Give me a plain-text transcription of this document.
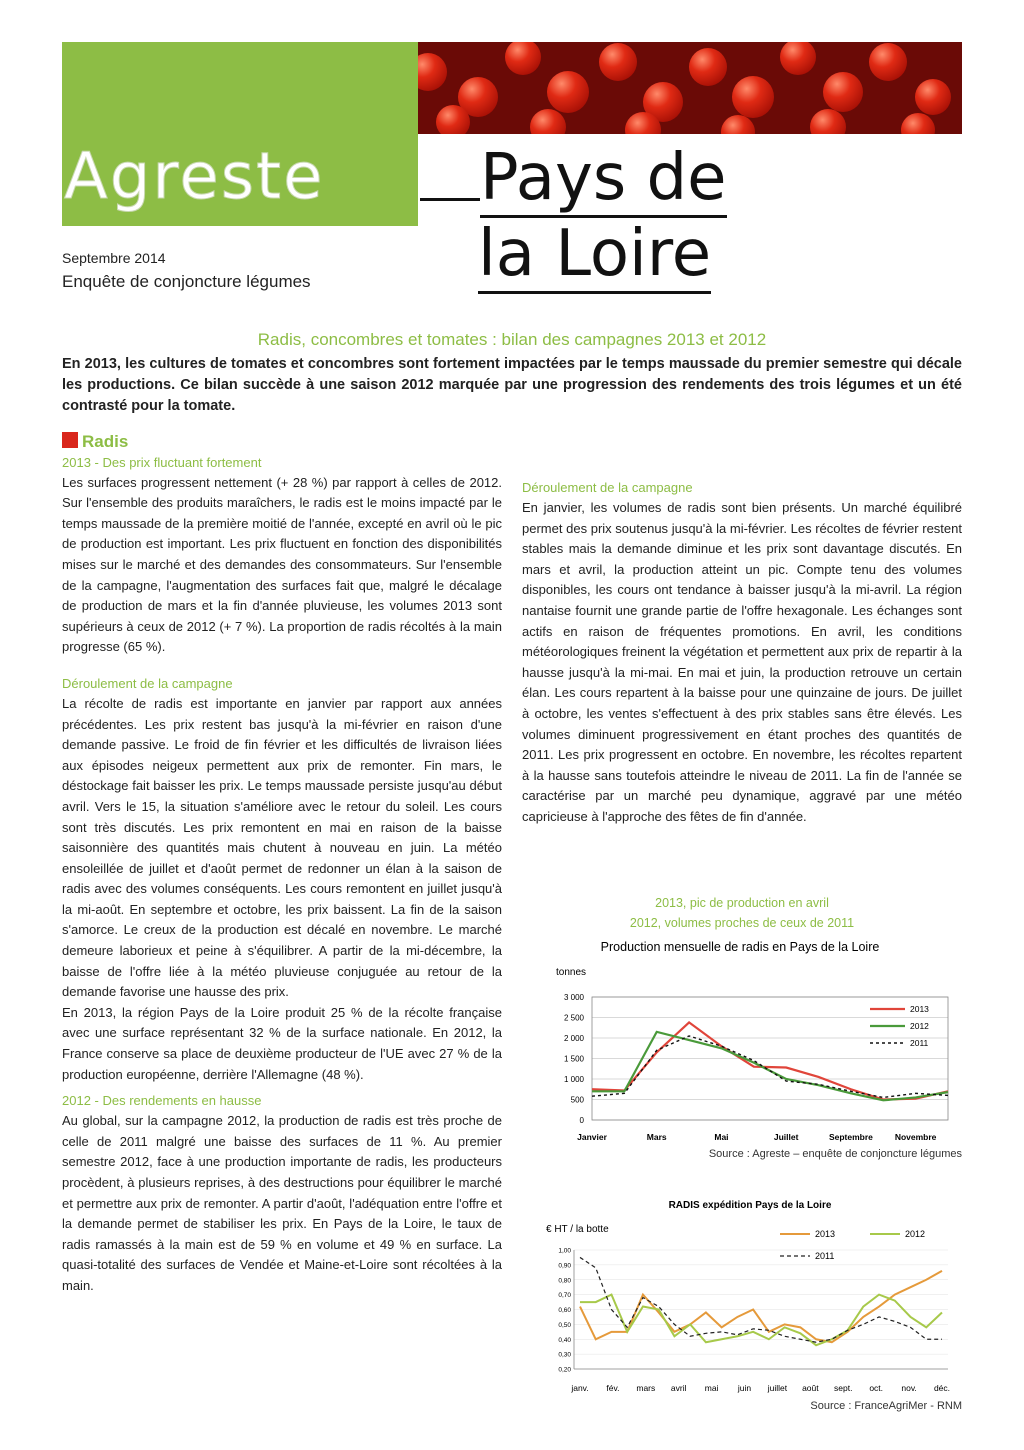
Agreste	Pays de
la Loire
Septembre 2014
Enquête de conjoncture légumes
Radis, concombres et tomates : bilan des campagnes 2013 et 2012
En 2013, les cultures de tomates et concombres sont fortement impactées par le temps maussade du premier semestre qui décale les productions. Ce bilan succède à une saison 2012 marquée par une progression des rendements des trois légumes et un été contrasté pour la tomate.
Radis
2013 - Des prix fluctuant fortement

Les surfaces progressent nettement (+ 28 %) par rapport à celles de 2012. Sur l'ensemble des produits maraîchers, le radis est le moins impacté par le temps maussade de la première moitié de l'année, excepté en avril où le pic de production est important. Les prix fluctuent en fonction des disponibilités mises sur le marché et des demandes des consommateurs. Sur l'ensemble de la campagne, l'augmentation des surfaces fait que, malgré le décalage de production de mars et la fin d'année pluvieuse, les volumes 2013 sont supérieurs à ceux de 2012 (+ 7 %). La proportion de radis récoltés à la main progresse (65 %).

Déroulement de la campagne

La récolte de radis est importante en janvier par rapport aux années précédentes. Les prix restent bas jusqu'à la mi-février en raison d'une demande passive. Le froid de fin février et les difficultés de livraison liées aux épisodes neigeux permettent aux prix de remonter. Fin mars, le déstockage fait baisser les prix. Le temps maussade persiste jusqu'au début avril. Vers le 15, la situation s'améliore avec le retour du soleil. Les cours sont très discutés. Les prix remontent en mai en raison de la baisse saisonnière des quantités mais chutent à nouveau en juin. La météo ensoleillée de juillet et d'août permet de redonner un élan à la saison de radis avec des volumes conséquents. Les cours remontent en juillet jusqu'à la mi-août. En septembre et octobre, les prix baissent. La fin de la saison s'amorce. Le creux de la production est décalé en novembre. Le marché demeure laborieux et peine à s'équilibrer. A partir de la mi-décembre, la baisse de l'offre liée à la météo pluvieuse conjuguée au retour de la demande favorise une hausse des prix.

En 2013, la région Pays de la Loire produit 25 % de la récolte française avec une surface représentant 32 % de la surface nationale. En 2012, la France conserve sa place de deuxième producteur de l'UE avec 27 % de la production européenne, derrière l'Allemagne (48 %).

2012 - Des rendements en hausse

Au global, sur la campagne 2012, la production de radis est très proche de celle de 2011 malgré une baisse des surfaces de 11 %. Au premier semestre 2012, face à une production importante de radis, les producteurs procèdent, à plusieurs reprises, à des destructions pour équilibrer le marché et permettre aux prix de remonter. A partir d'août, l'adéquation entre l'offre et la demande permet de stabiliser les prix. En Pays de la Loire, le taux de radis ramassés à la main est de 59 % en volume et 49 % en surface. La quasi-totalité des surfaces de Vendée et Maine-et-Loire sont récoltées à la main.

Déroulement de la campagne

En janvier, les volumes de radis sont bien présents. Un marché équilibré permet des prix soutenus jusqu'à la mi-février. Les récoltes de février restent stables mais la demande diminue et les prix sont davantage discutés. En mars et avril, la production atteint un pic. Compte tenu des volumes disponibles, les cours ont tendance à baisser jusqu'à la mi-avril. La région nantaise fournit une grande partie de l'offre hexagonale. Les échanges sont actifs en raison de fréquentes promotions. En avril, les conditions météorologiques freinent la végétation et permettent aux prix de repartir à la hausse jusqu'à la mi-mai. En mai et juin, la production retrouve un certain élan. Les cours repartent à la baisse pour une quinzaine de jours. De juillet à octobre, les ventes s'effectuent à des prix stables sans être élevés. Les volumes diminuent progressivement en étant proches des quantités de 2011. Les prix progressent en octobre. En novembre, les récoltes repartent à la hausse sans toutefois atteindre le niveau de 2011. La fin de l'année se caractérise par un marché peu dynamique, aggravé par une météo capricieuse à l'approche des fêtes de fin d'année.

2013, pic de production en avril
2012, volumes proches de ceux de 2011
Production mensuelle de radis en Pays de la Loire
tonnes
0
500
1 000
1 500
2 000
2 500
3 000
Janvier	Mars	Mai	Juillet	Septembre	Novembre
2013
2012
2011
Source : Agreste – enquête de conjoncture légumes
RADIS expédition Pays de la Loire
€ HT / la botte
0,20
0,30
0,40
0,50
0,60
0,70
0,80
0,90
1,00
janv. fév. mars avril mai juin juillet août sept. oct. nov. déc.
2013	2012
2011
Source : FranceAgriMer - RNM
